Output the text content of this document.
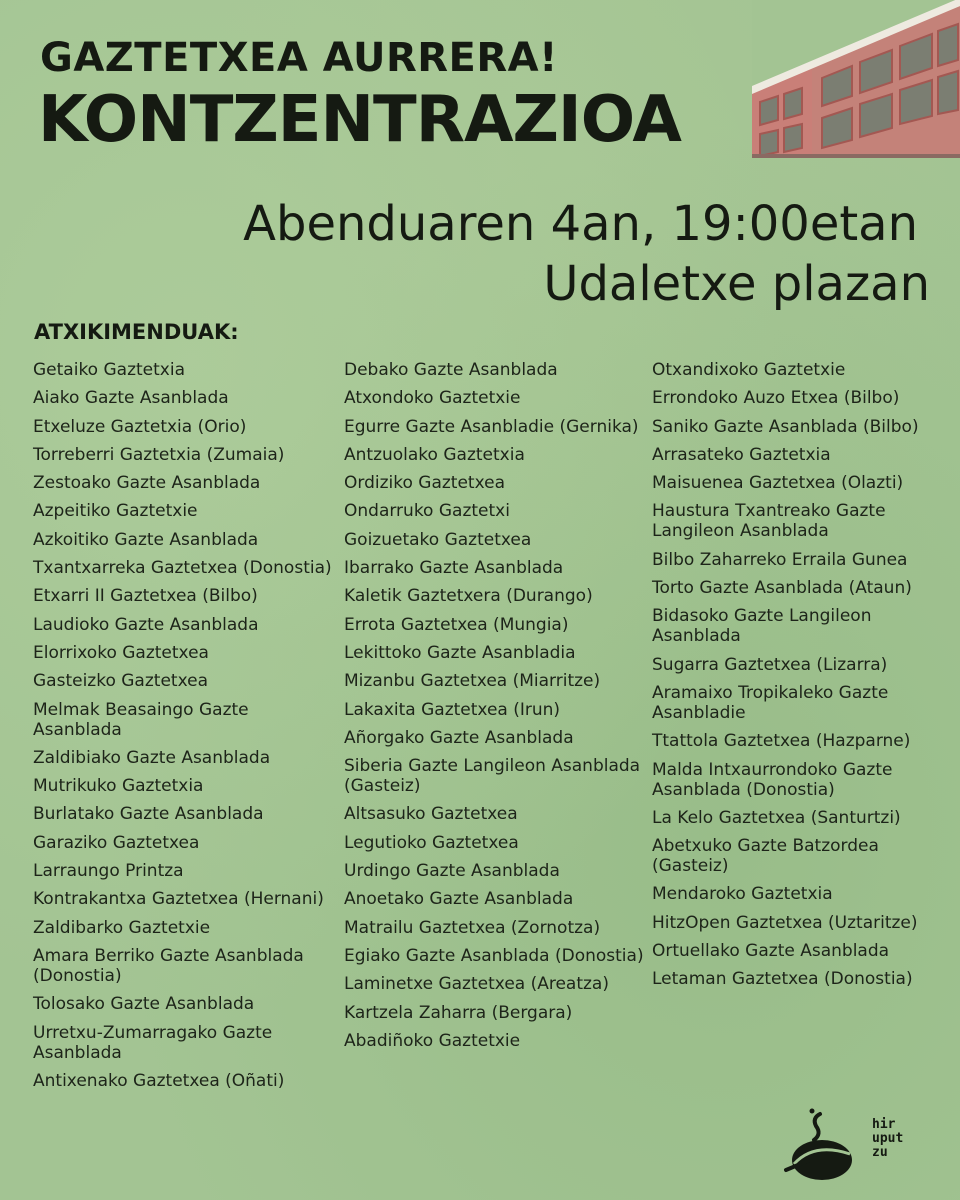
GAZTETXEA AURRERA!
KONTZENTRAZIOA
Abenduaren 4an, 19:00etan
Udaletxe plazan
ATXIKIMENDUAK:
Getaiko Gaztetxia
Aiako Gazte Asanblada
Etxeluze Gaztetxia (Orio)
Torreberri Gaztetxia (Zumaia)
Zestoako Gazte Asanblada
Azpeitiko Gaztetxie
Azkoitiko Gazte Asanblada
Txantxarreka Gaztetxea (Donostia)
Etxarri II Gaztetxea (Bilbo)
Laudioko Gazte Asanblada
Elorrixoko Gaztetxea
Gasteizko Gaztetxea
Melmak Beasaingo Gazte Asanblada
Zaldibiako Gazte Asanblada
Mutrikuko Gaztetxia
Burlatako Gazte Asanblada
Garaziko Gaztetxea
Larraungo Printza
Kontrakantxa Gaztetxea (Hernani)
Zaldibarko Gaztetxie
Amara Berriko Gazte Asanblada (Donostia)
Tolosako Gazte Asanblada
Urretxu-Zumarragako Gazte Asanblada
Antixenako Gaztetxea (Oñati)
Debako Gazte Asanblada
Atxondoko Gaztetxie
Egurre Gazte Asanbladie (Gernika)
Antzuolako Gaztetxia
Ordiziko Gaztetxea
Ondarruko Gaztetxi
Goizuetako Gaztetxea
Ibarrako Gazte Asanblada
Kaletik Gaztetxera (Durango)
Errota Gaztetxea (Mungia)
Lekittoko Gazte Asanbladia
Mizanbu Gaztetxea (Miarritze)
Lakaxita Gaztetxea (Irun)
Añorgako Gazte Asanblada
Siberia Gazte Langileon Asanblada (Gasteiz)
Altsasuko Gaztetxea
Legutioko Gaztetxea
Urdingo Gazte Asanblada
Anoetako Gazte Asanblada
Matrailu Gaztetxea (Zornotza)
Egiako Gazte Asanblada (Donostia)
Laminetxe Gaztetxea (Areatza)
Kartzela Zaharra (Bergara)
Abadiñoko Gaztetxie
Otxandixoko Gaztetxie
Errondoko Auzo Etxea (Bilbo)
Saniko Gazte Asanblada (Bilbo)
Arrasateko Gaztetxia
Maisuenea Gaztetxea (Olazti)
Haustura Txantreako Gazte Langileon Asanblada
Bilbo Zaharreko Erraila Gunea
Torto Gazte Asanblada (Ataun)
Bidasoko Gazte Langileon Asanblada
Sugarra Gaztetxea (Lizarra)
Aramaixo Tropikaleko Gazte Asanbladie
Ttattola Gaztetxea (Hazparne)
Malda Intxaurrondoko Gazte Asanblada (Donostia)
La Kelo Gaztetxea (Santurtzi)
Abetxuko Gazte Batzordea (Gasteiz)
Mendaroko Gaztetxia
HitzOpen Gaztetxea (Uztaritze)
Ortuellako Gazte Asanblada
Letaman Gaztetxea (Donostia)
hir
uput
zu
